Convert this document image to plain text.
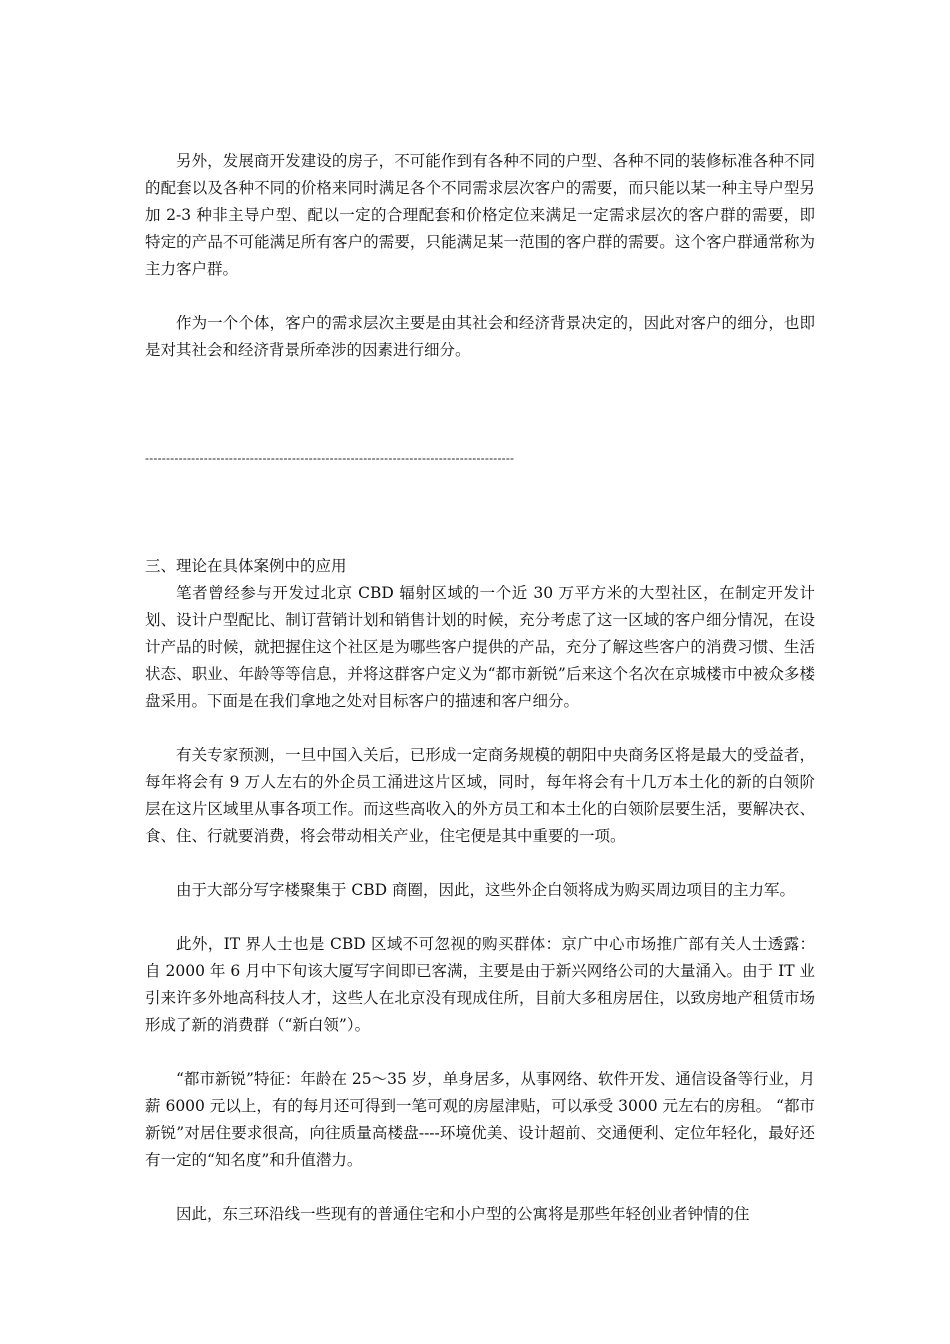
另外，发展商开发建设的房子，不可能作到有各种不同的户型、各种不同的装修标准各种不同的配套以及各种不同的价格来同时满足各个不同需求层次客户的需要，而只能以某一种主导户型另加 2-3 种非主导户型、配以一定的合理配套和价格定位来满足一定需求层次的客户群的需要，即特定的产品不可能满足所有客户的需要，只能满足某一范围的客户群的需要。这个客户群通常称为主力客户群。

作为一个个体，客户的需求层次主要是由其社会和经济背景决定的，因此对客户的细分，也即是对其社会和经济背景所牵涉的因素进行细分。

----------------------------------------------------------------------------------------

三、理论在具体案例中的应用

笔者曾经参与开发过北京 CBD 辐射区域的一个近 30 万平方米的大型社区，在制定开发计划、设计户型配比、制订营销计划和销售计划的时候，充分考虑了这一区域的客户细分情况，在设计产品的时候，就把握住这个社区是为哪些客户提供的产品，充分了解这些客户的消费习惯、生活状态、职业、年龄等等信息，并将这群客户定义为“都市新锐”后来这个名次在京城楼市中被众多楼盘采用。下面是在我们拿地之处对目标客户的描速和客户细分。

有关专家预测，一旦中国入关后，已形成一定商务规模的朝阳中央商务区将是最大的受益者，每年将会有 9 万人左右的外企员工涌进这片区域，同时，每年将会有十几万本土化的新的白领阶层在这片区域里从事各项工作。而这些高收入的外方员工和本土化的白领阶层要生活，要解决衣、食、住、行就要消费，将会带动相关产业，住宅便是其中重要的一项。

由于大部分写字楼聚集于 CBD 商圈，因此，这些外企白领将成为购买周边项目的主力军。

此外，IT 界人士也是 CBD 区域不可忽视的购买群体：京广中心市场推广部有关人士透露：自 2000 年 6 月中下旬该大厦写字间即已客满，主要是由于新兴网络公司的大量涌入。由于 IT 业引来许多外地高科技人才，这些人在北京没有现成住所，目前大多租房居住，以致房地产租赁市场形成了新的消费群（“新白领”）。

“都市新锐”特征：年龄在 25～35 岁，单身居多，从事网络、软件开发、通信设备等行业，月薪 6000 元以上，有的每月还可得到一笔可观的房屋津贴，可以承受 3000 元左右的房租。 “都市新锐”对居住要求很高，向往质量高楼盘----环境优美、设计超前、交通便利、定位年轻化，最好还有一定的“知名度”和升值潜力。

因此，东三环沿线一些现有的普通住宅和小户型的公寓将是那些年轻创业者钟情的住
